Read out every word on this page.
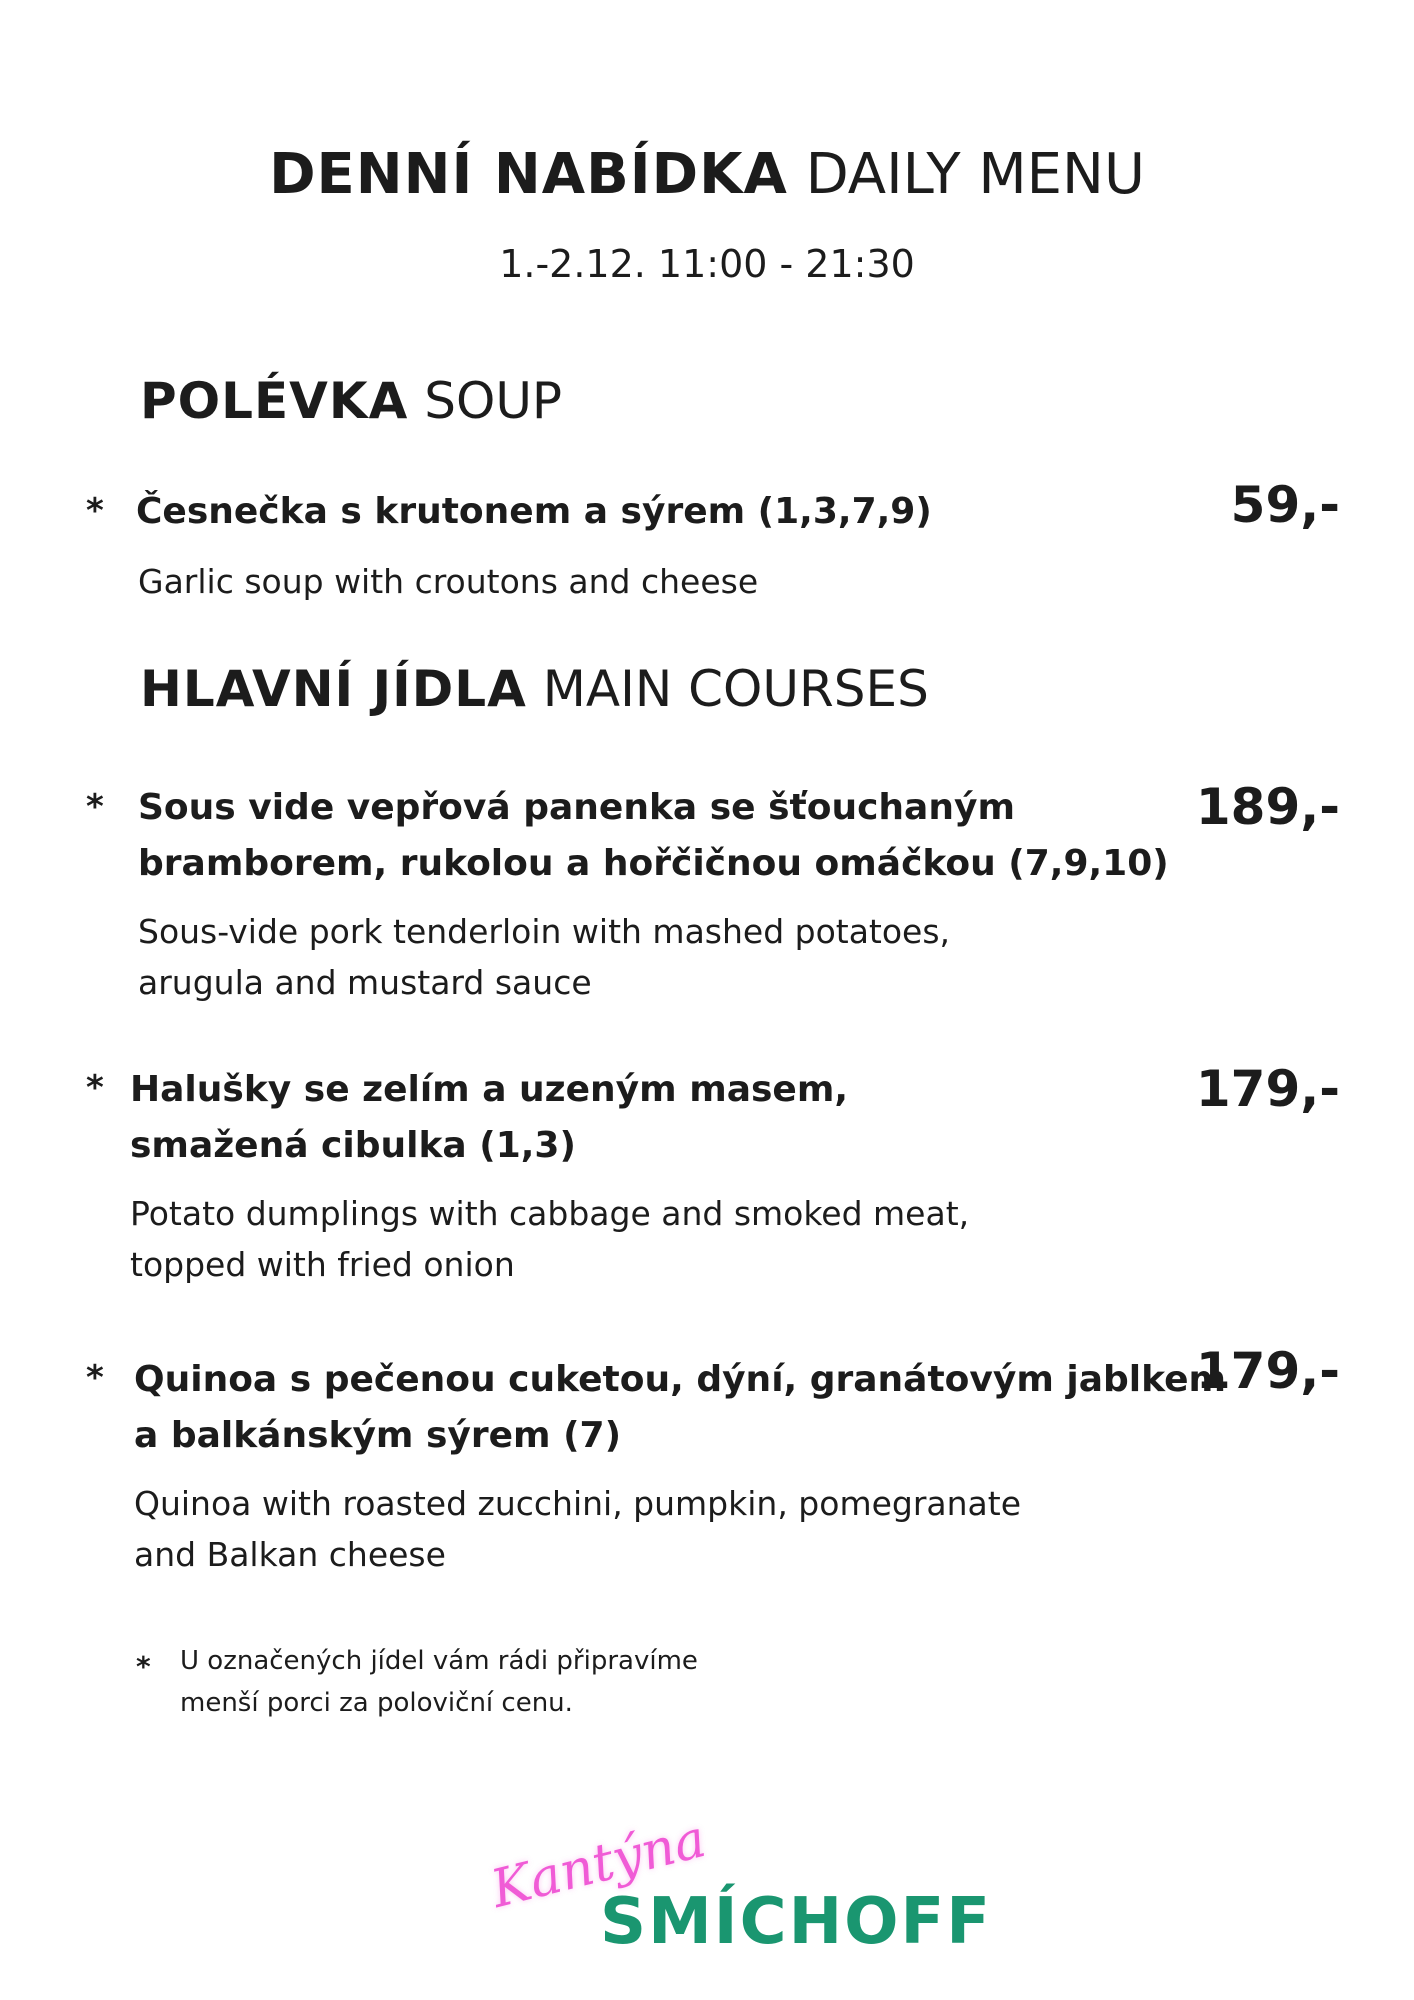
DENNÍ NABÍDKA DAILY MENU
1.-2.12. 11:00 - 21:30
POLÉVKA SOUP
* Česnečka s krutonem a sýrem (1,3,7,9)
Garlic soup with croutons and cheese
59,-
HLAVNÍ JÍDLA MAIN COURSES
* Sous vide vepřová panenka se šťouchaným
bramborem, rukolou a hořčičnou omáčkou (7,9,10)
Sous-vide pork tenderloin with mashed potatoes,
arugula and mustard sauce
189,-
* Halušky se zelím a uzeným masem,
smažená cibulka (1,3)
Potato dumplings with cabbage and smoked meat,
topped with fried onion
179,-
* Quinoa s pečenou cuketou, dýní, granátovým jablkem
a balkánským sýrem (7)
Quinoa with roasted zucchini, pumpkin, pomegranate
and Balkan cheese
179,-
* U označených jídel vám rádi připravíme
menší porci za poloviční cenu.
Kantýna
SMÍCHOFF
